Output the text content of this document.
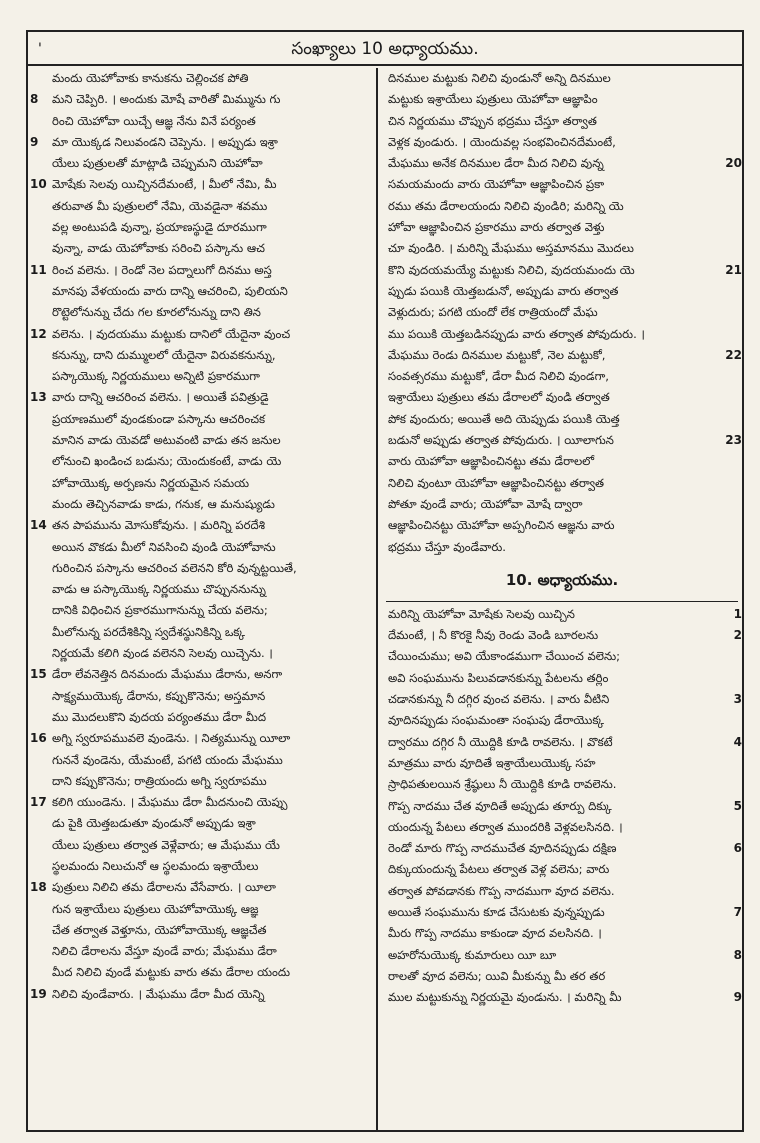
'	సంఖ్యాలు 10 అధ్యాయము.
మందు యెహోవాకు కానుకను చెల్లించక పోతి
8	మని చెప్పిరి. । అందుకు మోషే వారితో మిమ్మును గు
రించి యెహోవా యిచ్చే ఆజ్ఞ నేను వినే పర్యంత
9	మా యొక్కడ నిలువండని చెప్పెను. । అప్పుడు ఇశ్రా
యేలు పుత్రులతో మాట్లాడి చెప్పుమని యెహోవా
10 మోషేకు సెలవు యిచ్చినదేమంటే, । మీలో నేమి, మీ
తరువాత మీ పుత్రులలో నేమి, యెవడైనా శవము
వల్ల అంటుపడి వున్నా, ప్రయాణస్థుడై దూరముగా
వున్నా, వాడు యెహోవాకు సరించి పస్కాను ఆచ
11 రించ వలెను. । రెండో నెల పద్నాలుగో దినము అస్త
మానపు వేళయందు వారు దాన్ని ఆచరించి, పులియని
రొట్టెలోనున్ను చేదు గల కూరలోనున్ను దాని తిన
12 వలెను. । వుదయము మట్టుకు దానిలో యేదైనా వుంచ
కనున్ను, దాని దుమ్ములలో యేదైనా విరువకనున్ను,
పస్కాయొక్క నిర్ణయములు అన్నిటి ప్రకారముగా
13 వారు దాన్ని ఆచరించ వలెను. । అయితే పవిత్రుడై
ప్రయాణములో వుండకుండా పస్కాను ఆచరించక
మానిన వాడు యెవడో అటువంటి వాడు తన జనుల
లోనుంచి ఖండించ బడును; యెందుకంటే, వాడు యె
హోవాయొక్క అర్పణను నిర్ణయమైన సమయ
మందు తెచ్చినవాడు కాడు, గనుక, ఆ మనుష్యుడు
14 తన పాపమును మోసుకోవును. । మరిన్ని పరదేశి
అయిన వొకడు మీలో నివసించి వుండి యెహోవాను
గురించిన పస్కాను ఆచరించ వలెనని కోరి వున్నట్టయితే,
వాడు ఆ పస్కాయొక్క నిర్ణయము చొప్పుననున్ను
దానికి విధించిన ప్రకారముగానున్ను చేయ వలెను;
మీలోనున్న పరదేశికిన్ని స్వదేశస్థునికిన్ని ఒక్క
నిర్ణయమే కలిగి వుండ వలెనని సెలవు యిచ్చెను. ।
15 డేరా లేవనెత్తిన దినమందు మేఘము డేరాను, అనగా
సాక్ష్యముయొక్క డేరాను, కప్పుకొనెను; అస్తమాన
ము మొదలుకొని వుదయ పర్యంతము డేరా మీద
16 అగ్ని స్వరూపమువలె వుండెను. । నిత్యమున్ను యీలా
గుననే వుండెను, యేమంటే, పగటి యందు మేఘము
దాని కప్పుకొనెను; రాత్రియందు అగ్ని స్వరూపము
17 కలిగి యుండెను. । మేఘము డేరా మీదనుంచి యెప్పు
డు పైకి యెత్తబడుతూ వుండునో అప్పుడు ఇశ్రా
యేలు పుత్రులు తర్వాత వెళ్లేవారు; ఆ మేఘము యే
స్థలమందు నిలుచునో ఆ స్థలమందు ఇశ్రాయేలు
18 పుత్రులు నిలిచి తమ డేరాలను వేసేవారు. । యీలా
గున ఇశ్రాయేలు పుత్రులు యెహోవాయొక్క ఆజ్ఞ
చేత తర్వాత వెళ్తూను, యెహోవాయొక్క ఆజ్ఞచేత
నిలిచి డేరాలను వేస్తూ వుండే వారు; మేఘము డేరా
మీద నిలిచి వుండే మట్టుకు వారు తమ డేరాల యందు
19 నిలిచి వుండేవారు. । మేఘము డేరా మీద యెన్ని
దినముల మట్టుకు నిలిచి వుండునో అన్ని దినముల
మట్టుకు ఇశ్రాయేలు పుత్రులు యెహోవా ఆజ్ఞాపిం
చిన నిర్ణయము చొప్పున భద్రము చేస్తూ తర్వాత
వెళ్లక వుండురు. । యెందువల్ల సంభవించినదేమంటే,
20
మేఘము అనేక దినముల డేరా మీద నిలిచి వున్న
సమయమందు వారు యెహోవా ఆజ్ఞాపించిన ప్రకా
రము తమ డేరాలయందు నిలిచి వుండిరి; మరిన్ని యె
హోవా ఆజ్ఞాపించిన ప్రకారము వారు తర్వాత వెళ్తు
చూ వుండిరి. । మరిన్ని మేఘము అస్తమానము మొదలు
21
కొని వుదయమయ్యే మట్టుకు నిలిచి, వుదయమందు యె
ప్పుడు పయికి యెత్తబడునో, అప్పుడు వారు తర్వాత
వెళ్లుదురు; పగటి యందో లేక రాత్రియందో మేఘ
ము పయికి యెత్తబడినప్పుడు వారు తర్వాత పోవుదురు. ।
22
మేఘము రెండు దినముల మట్టుకో, నెల మట్టుకో,
సంవత్సరము మట్టుకో, డేరా మీద నిలిచి వుండగా,
ఇశ్రాయేలు పుత్రులు తమ డేరాలలో వుండి తర్వాత
పోక వుందురు; అయితే అది యెప్పుడు పయికి యెత్త
23
బడునో అప్పుడు తర్వాత పోవుదురు. । యీలాగున
వారు యెహోవా ఆజ్ఞాపించినట్టు తమ డేరాలలో
నిలిచి వుంటూ యెహోవా ఆజ్ఞాపించినట్టు తర్వాత
పోతూ వుండే వారు; యెహోవా మోషే ద్వారా
ఆజ్ఞాపించినట్టు యెహోవా అప్పగించిన ఆజ్ఞను వారు
భద్రము చేస్తూ వుండేవారు.
10. అధ్యాయము.
1
మరిన్ని యెహోవా మోషేకు సెలవు యిచ్చిన
2
దేమంటే, । నీ కొరకై నీవు రెండు వెండి బూరలను
చేయించుము; అవి యేకాండముగా చేయించ వలెను;
అవి సంఘమును పిలువడానకున్ను పేటలను తర్లిం
3
చడానకున్ను నీ దగ్గిర వుంచ వలెను. । వారు వీటిని
వూదినప్పుడు సంఘమంతా సంఘపు డేరాయొక్క
4
ద్వారము దగ్గిర నీ యొద్దికి కూడి రావలెను. । వొకటే
మాత్రము వారు వూదితే ఇశ్రాయేలుయొక్క సహ
స్రాధిపతులయిన శ్రేష్ఠులు నీ యొద్దికి కూడి రావలెను.
5
గొప్ప నాదము చేత వూదితే అప్పుడు తూర్పు దిక్కు
యందున్న పేటలు తర్వాత ముందరికి వెళ్లవలసినది. ।
6
రెండో మారు గొప్ప నాదముచేత వూదినప్పుడు దక్షిణ
దిక్కుయందున్న పేటలు తర్వాత వెళ్ల వలెను; వారు
తర్వాత పోవడానకు గొప్ప నాదముగా వూద వలెను.
7
అయితే సంఘమును కూడ చేసుటకు వున్నప్పుడు
మీరు గొప్ప నాదము కాకుండా వూద వలసినది. ।
8
అహరోనుయొక్క కుమారులు యీ బూ
రాలతో వూద వలెను; యివి మీకున్ను మీ తర తర
9
ముల మట్టుకున్ను నిర్ణయమై వుండును. । మరిన్ని మీ
